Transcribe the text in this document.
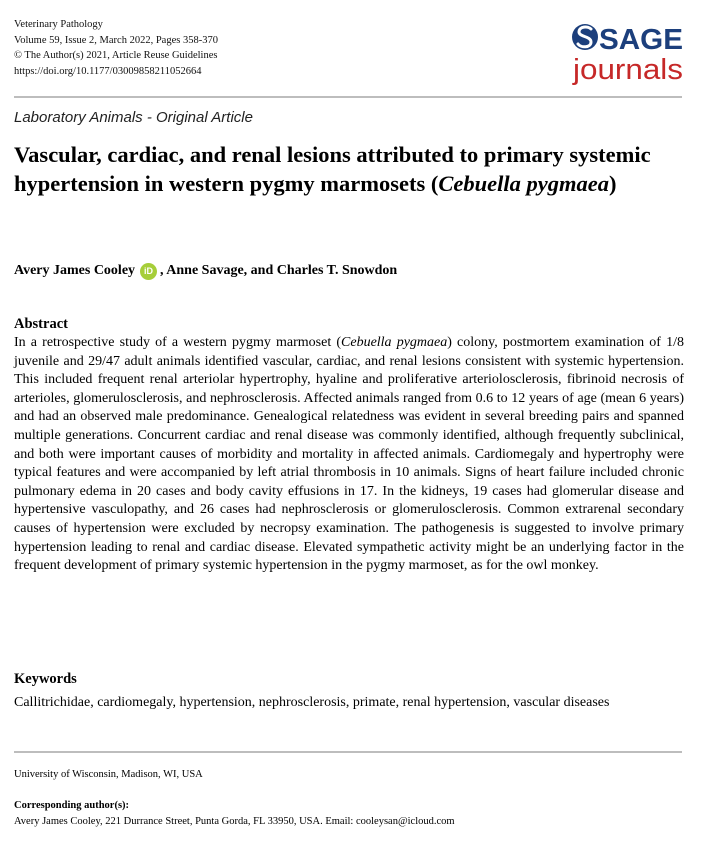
Veterinary Pathology
Volume 59, Issue 2, March 2022, Pages 358-370
© The Author(s) 2021, Article Reuse Guidelines
https://doi.org/10.1177/03009858211052664
SAGE
journals
Laboratory Animals - Original Article
Vascular, cardiac, and renal lesions attributed to primary systemic hypertension in western pygmy marmosets (Cebuella pygmaea)
Avery James Cooley	iD , Anne Savage, and Charles T. Snowdon
Abstract

In a retrospective study of a western pygmy marmoset (Cebuella pygmaea) colony, postmortem examination of 1/8 juvenile and 29/47 adult animals identified vascular, cardiac, and renal lesions consistent with systemic hypertension. This included frequent renal arteriolar hypertrophy, hyaline and proliferative arteriolosclerosis, fibrinoid necrosis of arterioles, glomerulosclerosis, and nephrosclerosis. Affected animals ranged from 0.6 to 12 years of age (mean 6 years) and had an observed male predominance. Genealogical relatedness was evident in several breeding pairs and spanned multiple generations. Concurrent cardiac and renal disease was commonly identified, although frequently subclinical, and both were important causes of morbidity and mortality in affected animals. Cardiomegaly and hypertrophy were typical features and were accompanied by left atrial thrombosis in 10 animals. Signs of heart failure included chronic pulmonary edema in 20 cases and body cavity effusions in 17. In the kidneys, 19 cases had glomerular disease and hypertensive vasculopathy, and 26 cases had nephrosclerosis or glomerulosclerosis. Common extrarenal secondary causes of hypertension were excluded by necropsy examination. The pathogenesis is suggested to involve primary hypertension leading to renal and cardiac disease. Elevated sympathetic activity might be an underlying factor in the frequent development of primary systemic hypertension in the pygmy marmoset, as for the owl monkey.

Keywords

Callitrichidae, cardiomegaly, hypertension, nephrosclerosis, primate, renal hypertension, vascular diseases

University of Wisconsin, Madison, WI, USA
Corresponding author(s):
Avery James Cooley, 221 Durrance Street, Punta Gorda, FL 33950, USA. Email: cooleysan@icloud.com
